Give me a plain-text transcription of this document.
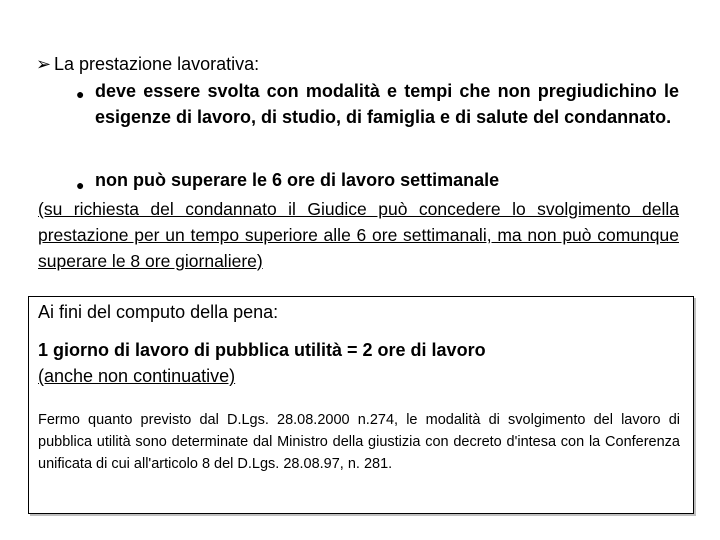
➢ La prestazione lavorativa:
● deve essere svolta con modalità e tempi che non pregiudichino le esigenze di lavoro, di studio, di famiglia e di salute del condannato.
● non può superare le 6 ore di lavoro settimanale
(su richiesta del condannato il Giudice può concedere lo svolgimento della prestazione per un tempo superiore alle 6 ore settimanali, ma non può comunque superare le 8 ore giornaliere)
Ai fini del computo della pena:
1 giorno di lavoro di pubblica utilità = 2 ore di lavoro
(anche non continuative)
Fermo quanto previsto dal D.Lgs. 28.08.2000 n.274, le modalità di svolgimento del lavoro di pubblica utilità sono determinate dal Ministro della giustizia con decreto d'intesa con la Conferenza unificata di cui all'articolo 8 del D.Lgs. 28.08.97, n. 281.
